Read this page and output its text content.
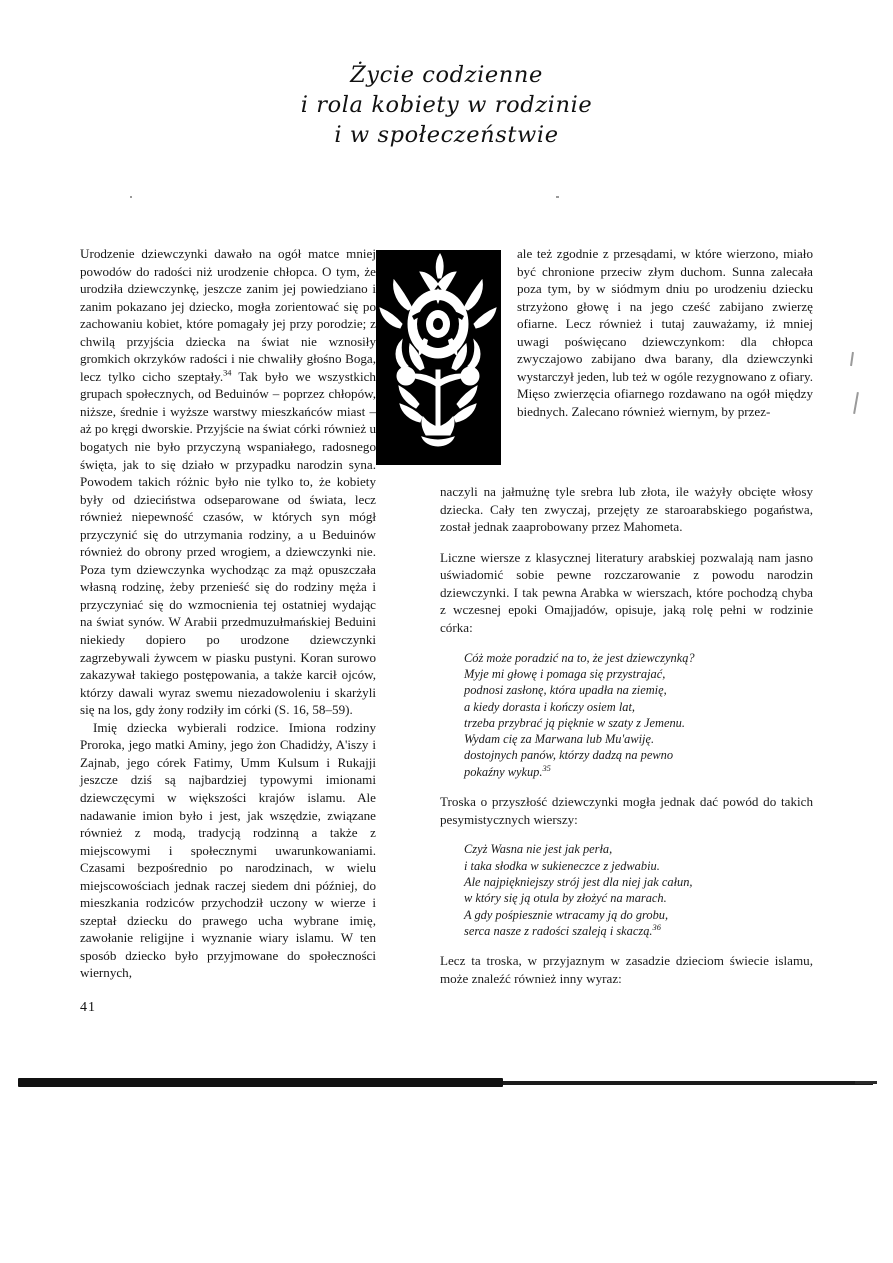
Życie codzienne
i rola kobiety w rodzinie
i w społeczeństwie

Urodzenie dziewczynki dawało na ogół matce mniej powodów do radości niż urodzenie chłopca. O tym, że urodziła dziewczynkę, jeszcze zanim jej powiedziano i zanim pokazano jej dziecko, mogła zorientować się po zachowaniu kobiet, które pomagały jej przy porodzie; z chwilą przyjścia dziecka na świat nie wznosiły gromkich okrzyków radości i nie chwaliły głośno Boga, lecz tylko cicho szeptały.$^{34}$ Tak było we wszystkich grupach społecznych, od Beduinów – poprzez chłopów, niższe, średnie i wyższe warstwy mieszkańców miast – aż po kręgi dworskie. Przyjście na świat córki również u bogatych nie było przyczyną wspaniałego, radosnego święta, jak to się działo w przypadku narodzin syna. Powodem takich różnic było nie tylko to, że kobiety były od dzieciństwa odseparowane od świata, lecz również niepewność czasów, w których syn mógł przyczynić się do utrzymania rodziny, a u Beduinów również do obrony przed wrogiem, a dziewczynki nie. Poza tym dziewczynka wychodząc za mąż opuszczała własną rodzinę, żeby przenieść się do rodziny męża i przyczyniać się do wzmocnienia tej ostatniej wydając na świat synów. W Arabii przedmuzułmańskiej Beduini niekiedy dopiero po urodzone dziewczynki zagrzebywali żywcem w piasku pustyni. Koran surowo zakazywał takiego postępowania, a także karcił ojców, którzy dawali wyraz swemu niezadowoleniu i skarżyli się na los, gdy żony rodziły im córki (S. 16, 58–59).

Imię dziecka wybierali rodzice. Imiona rodziny Proroka, jego matki Aminy, jego żon Chadidży, A'iszy i Zajnab, jego córek Fatimy, Umm Kulsum i Rukajji jeszcze dziś są najbardziej typowymi imionami dziewczęcymi w większości krajów islamu. Ale nadawanie imion było i jest, jak wszędzie, związane również z modą, tradycją rodzinną a także z miejscowymi i społecznymi uwarunkowaniami. Czasami bezpośrednio po narodzinach, w wielu miejscowościach jednak raczej siedem dni później, do mieszkania rodziców przychodził uczony w wierze i szeptał dziecku do prawego ucha wybrane imię, zawołanie religijne i wyznanie wiary islamu. W ten sposób dziecko było przyjmowane do społeczności wiernych,

ale też zgodnie z przesądami, w które wierzono, miało być chronione przeciw złym duchom. Sunna zalecała poza tym, by w siódmym dniu po urodzeniu dziecku strzyżono głowę i na jego cześć zabijano zwierzę ofiarne. Lecz również i tutaj zauważamy, iż mniej uwagi poświęcano dziewczynkom: dla chłopca zwyczajowo zabijano dwa barany, dla dziewczynki wystarczył jeden, lub też w ogóle rezygnowano z ofiary. Mięso zwierzęcia ofiarnego rozdawano na ogół między biednych. Zalecano również wiernym, by przez-

naczyli na jałmużnę tyle srebra lub złota, ile ważyły obcięte włosy dziecka. Cały ten zwyczaj, przejęty ze staroarabskiego pogaństwa, został jednak zaaprobowany przez Mahometa.

Liczne wiersze z klasycznej literatury arabskiej pozwalają nam jasno uświadomić sobie pewne rozczarowanie z powodu narodzin dziewczynki. I tak pewna Arabka w wierszach, które pochodzą chyba z wczesnej epoki Omajjadów, opisuje, jaką rolę pełni w rodzinie córka:

Cóż może poradzić na to, że jest dziewczynką?
Myje mi głowę i pomaga się przystrajać,
podnosi zasłonę, która upadła na ziemię,
a kiedy dorasta i kończy osiem lat,
trzeba przybrać ją pięknie w szaty z Jemenu.
Wydam cię za Marwana lub Mu'awiję.
dostojnych panów, którzy dadzą na pewno
pokaźny wykup.$^{35}$

Troska o przyszłość dziewczynki mogła jednak dać powód do takich pesymistycznych wierszy:

Czyż Wasna nie jest jak perła,
i taka słodka w sukieneczce z jedwabiu.
Ale najpiękniejszy strój jest dla niej jak całun,
w który się ją otula by złożyć na marach.
A gdy pośpiesznie wtracamy ją do grobu,
serca nasze z radości szaleją i skaczą.$^{36}$

Lecz ta troska, w przyjaznym w zasadzie dzieciom świecie islamu, może znaleźć również inny wyraz:

41
